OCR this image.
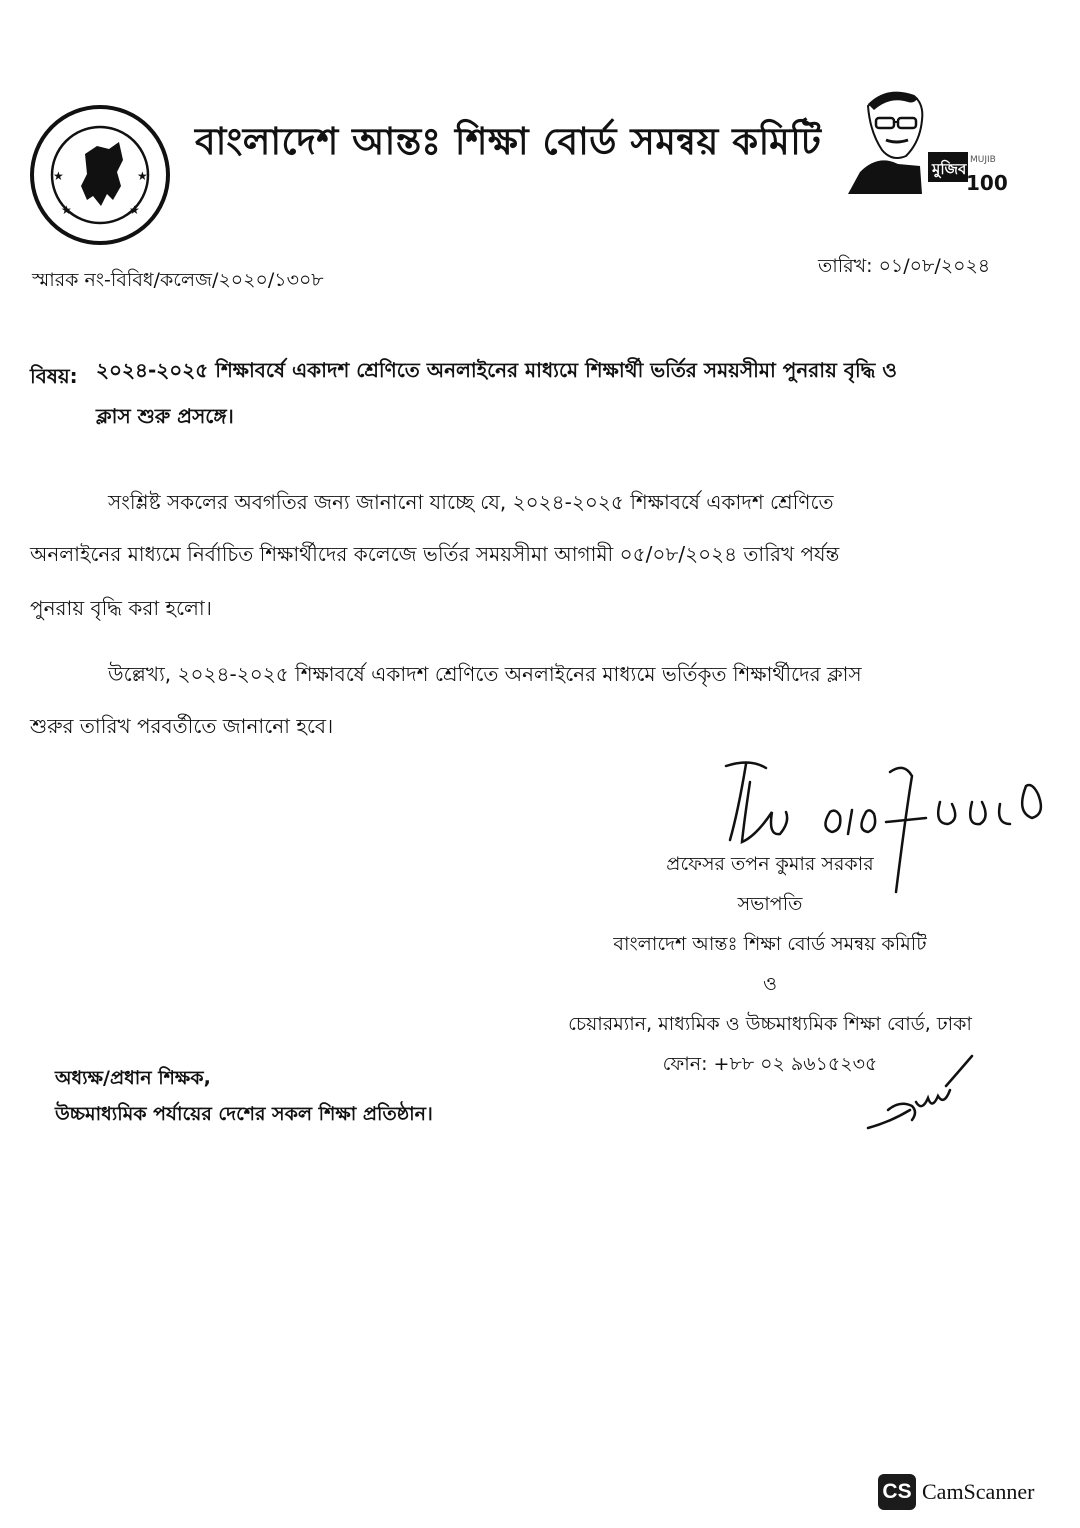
★	★
★	★
বাংলাদেশ আন্তঃ শিক্ষা বোর্ড সমন্বয় কমিটি
মুজিব MUJIB
100
স্মারক নং-বিবিধ/কলেজ/২০২০/১৩০৮
তারিখ: ০১/০৮/২০২৪
বিষয়: ২০২৪-২০২৫ শিক্ষাবর্ষে একাদশ শ্রেণিতে অনলাইনের মাধ্যমে শিক্ষার্থী ভর্তির সময়সীমা পুনরায় বৃদ্ধি ও
ক্লাস শুরু প্রসঙ্গে।
সংশ্লিষ্ট সকলের অবগতির জন্য জানানো যাচ্ছে যে, ২০২৪-২০২৫ শিক্ষাবর্ষে একাদশ শ্রেণিতে
অনলাইনের মাধ্যমে নির্বাচিত শিক্ষার্থীদের কলেজে ভর্তির সময়সীমা আগামী ০৫/০৮/২০২৪ তারিখ পর্যন্ত
পুনরায় বৃদ্ধি করা হলো।
উল্লেখ্য, ২০২৪-২০২৫ শিক্ষাবর্ষে একাদশ শ্রেণিতে অনলাইনের মাধ্যমে ভর্তিকৃত শিক্ষার্থীদের ক্লাস
শুরুর তারিখ পরবর্তীতে জানানো হবে।
প্রফেসর তপন কুমার সরকার
সভাপতি
বাংলাদেশ আন্তঃ শিক্ষা বোর্ড সমন্বয় কমিটি
ও
চেয়ারম্যান, মাধ্যমিক ও উচ্চমাধ্যমিক শিক্ষা বোর্ড, ঢাকা
ফোন: +৮৮ ০২ ৯৬১৫২৩৫
অধ্যক্ষ/প্রধান শিক্ষক,
উচ্চমাধ্যমিক পর্যায়ের দেশের সকল শিক্ষা প্রতিষ্ঠান।
CS CamScanner
